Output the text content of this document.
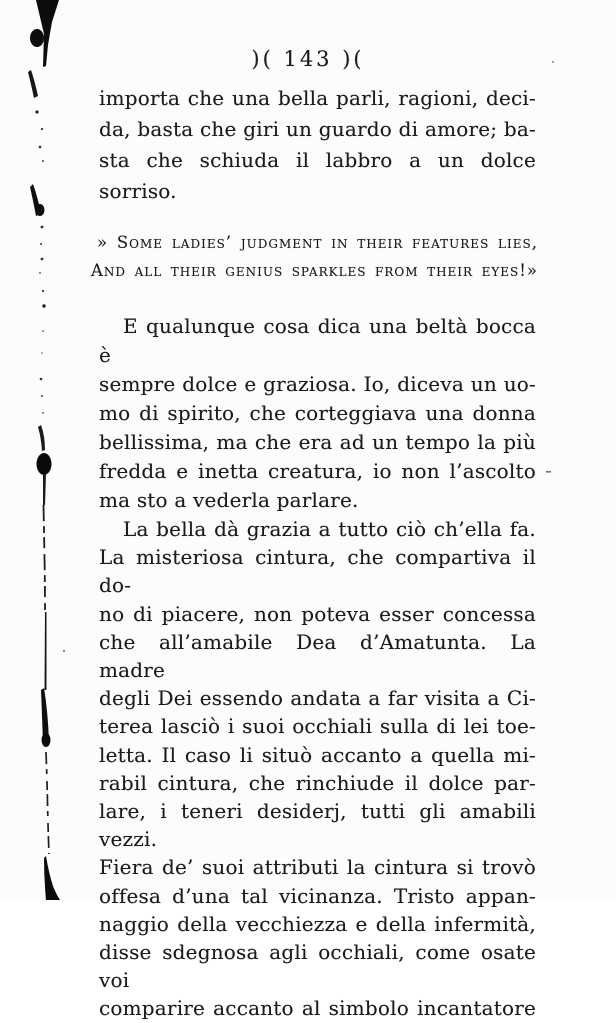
)( 143 )(
importa che una bella parli, ragioni, deci-
da, basta che giri un guardo di amore; ba-
sta che schiuda il labbro a un dolce sorriso.
» Some ladies’ judgment in their features lies,
And all their genius sparkles from their eyes!»
E qualunque cosa dica una beltà bocca è
sempre dolce e graziosa. Io, diceva un uo-
mo di spirito, che corteggiava una donna
bellissima, ma che era ad un tempo la più
fredda e inetta creatura, io non l’ascolto
ma sto a vederla parlare.
La bella dà grazia a tutto ciò ch’ella fa.
La misteriosa cintura, che compartiva il do-
no di piacere, non poteva esser concessa
che all’amabile Dea d’Amatunta. La madre
degli Dei essendo andata a far visita a Ci-
terea lasciò i suoi occhiali sulla di lei toe-
letta. Il caso li situò accanto a quella mi-
rabil cintura, che rinchiude il dolce par-
lare, i teneri desiderj, tutti gli amabili vezzi.
Fiera de’ suoi attributi la cintura si trovò
offesa d’una tal vicinanza. Tristo appan-
naggio della vecchiezza e della infermità,
disse sdegnosa agli occhiali, come osate voi
comparire accanto al simbolo incantatore
